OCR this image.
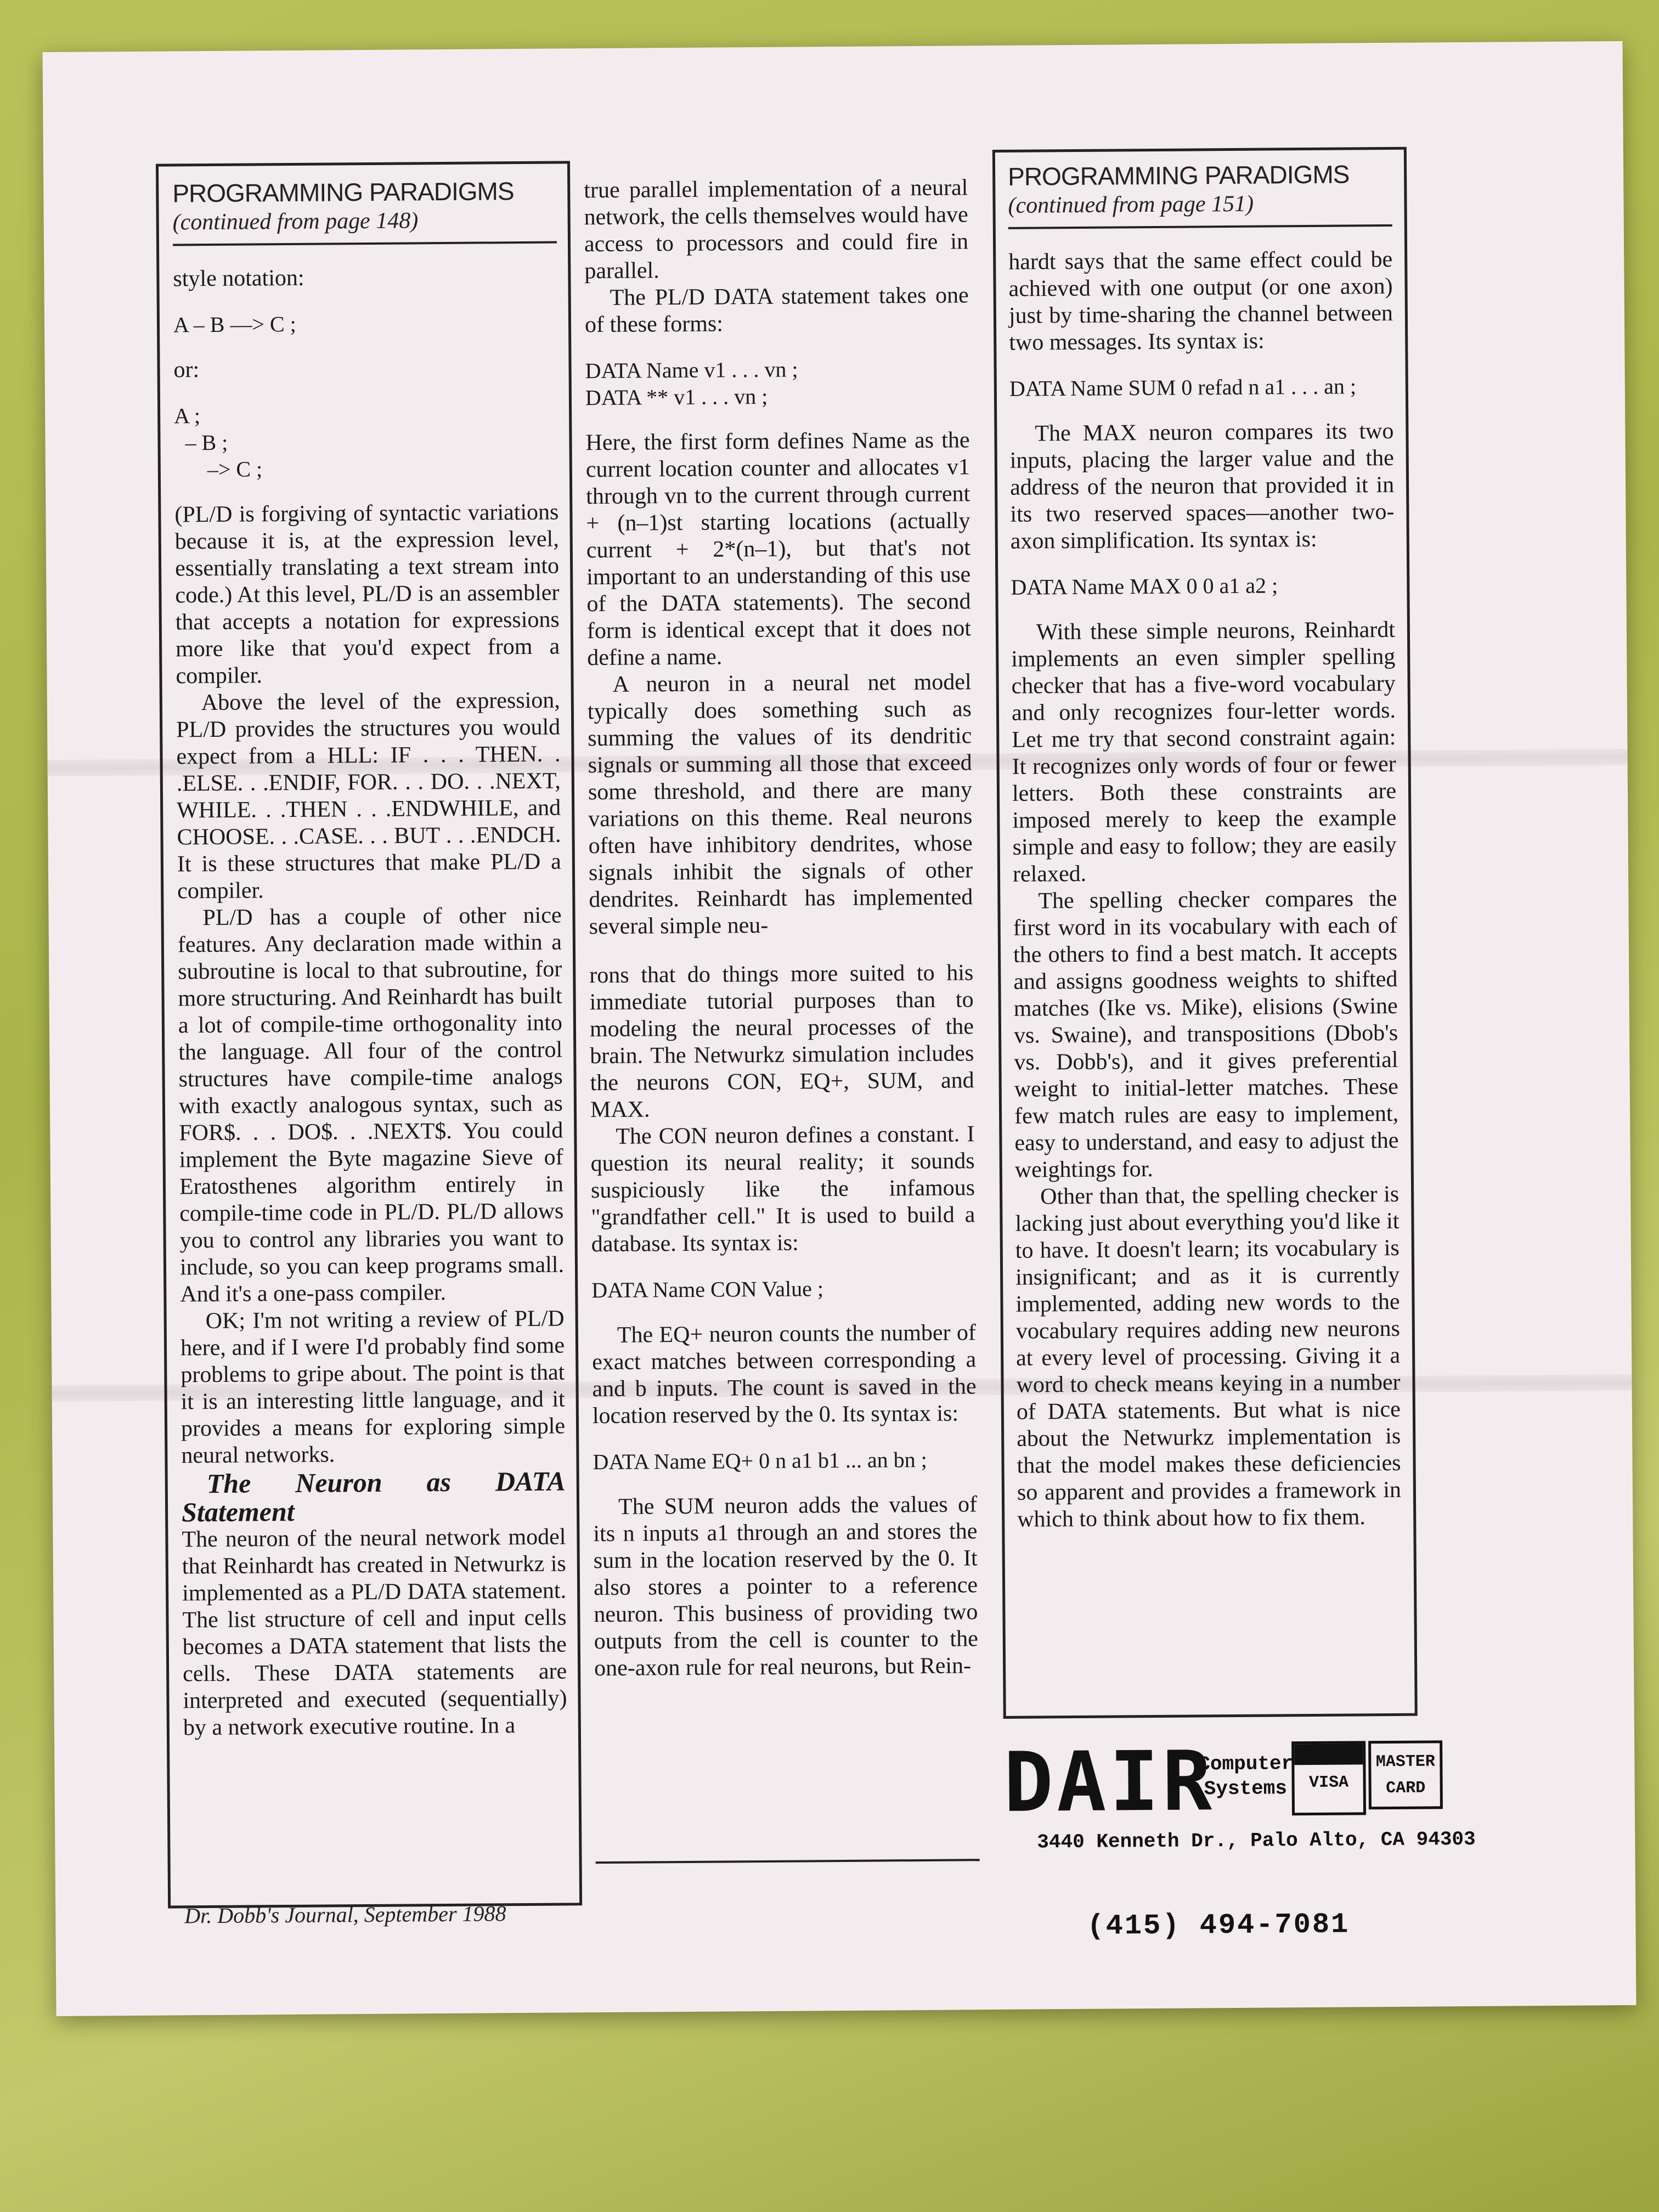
PROGRAMMING PARADIGMS
(continued from page 148)

style notation:

A – B —> C ;

or:

A ;
– B ;
–> C ;

(PL/D is forgiving of syntactic variations because it is, at the expression level, essentially translating a text stream into code.) At this level, PL/D is an assembler that accepts a notation for expressions more like that you'd expect from a compiler.

Above the level of the expression, PL/D provides the structures you would expect from a HLL: IF . . . THEN. . .ELSE. . .ENDIF, FOR. . . DO. . .NEXT, WHILE. . .THEN . . .ENDWHILE, and CHOOSE. . .CASE. . . BUT . . .ENDCH. It is these structures that make PL/D a compiler.

PL/D has a couple of other nice features. Any declaration made within a subroutine is local to that subroutine, for more structuring. And Reinhardt has built a lot of compile-time orthogonality into the language. All four of the control structures have compile-time analogs with exactly analogous syntax, such as FOR$. . . DO$. . .NEXT$. You could implement the Byte magazine Sieve of Eratosthenes algorithm entirely in compile-time code in PL/D. PL/D allows you to control any libraries you want to include, so you can keep programs small. And it's a one-pass compiler.

OK; I'm not writing a review of PL/D here, and if I were I'd probably find some problems to gripe about. The point is that it is an interesting little language, and it provides a means for exploring simple neural networks.

The Neuron as DATA Statement

The neuron of the neural network model that Reinhardt has created in Netwurkz is implemented as a PL/D DATA statement. The list structure of cell and input cells becomes a DATA statement that lists the cells. These DATA statements are interpreted and executed (sequentially) by a network executive routine. In a

true parallel implementation of a neural network, the cells themselves would have access to processors and could fire in parallel.

The PL/D DATA statement takes one of these forms:

DATA Name v1 . . . vn ;
DATA ** v1 . . . vn ;

Here, the first form defines Name as the current location counter and allocates v1 through vn to the current through current + (n–1)st starting locations (actually current + 2*(n–1), but that's not important to an understanding of this use of the DATA statements). The second form is identical except that it does not define a name.

A neuron in a neural net model typically does something such as summing the values of its dendritic signals or summing all those that exceed some threshold, and there are many variations on this theme. Real neurons often have inhibitory dendrites, whose signals inhibit the signals of other dendrites. Reinhardt has implemented several simple neu-

rons that do things more suited to his immediate tutorial purposes than to modeling the neural processes of the brain. The Netwurkz simulation includes the neurons CON, EQ+, SUM, and MAX.

The CON neuron defines a constant. I question its neural reality; it sounds suspiciously like the infamous "grandfather cell." It is used to build a database. Its syntax is:

DATA Name CON Value ;

The EQ+ neuron counts the number of exact matches between corresponding a and b inputs. The count is saved in the location reserved by the 0. Its syntax is:

DATA Name EQ+ 0 n a1 b1 ... an bn ;

The SUM neuron adds the values of its n inputs a1 through an and stores the sum in the location reserved by the 0. It also stores a pointer to a reference neuron. This business of providing two outputs from the cell is counter to the one-axon rule for real neurons, but Rein-

PROGRAMMING PARADIGMS
(continued from page 151)

hardt says that the same effect could be achieved with one output (or one axon) just by time-sharing the channel between two messages. Its syntax is:

DATA Name SUM 0 refad n a1 . . . an ;

The MAX neuron compares its two inputs, placing the larger value and the address of the neuron that provided it in its two reserved spaces—another two-axon simplification. Its syntax is:

DATA Name MAX 0 0 a1 a2 ;

With these simple neurons, Reinhardt implements an even simpler spelling checker that has a five-word vocabulary and only recognizes four-letter words. Let me try that second constraint again: It recognizes only words of four or fewer letters. Both these constraints are imposed merely to keep the example simple and easy to follow; they are easily relaxed.

The spelling checker compares the first word in its vocabulary with each of the others to find a best match. It accepts and assigns goodness weights to shifted matches (Ike vs. Mike), elisions (Swine vs. Swaine), and transpositions (Dbob's vs. Dobb's), and it gives preferential weight to initial-letter matches. These few match rules are easy to implement, easy to understand, and easy to adjust the weightings for.

Other than that, the spelling checker is lacking just about everything you'd like it to have. It doesn't learn; its vocabulary is insignificant; and as it is currently implemented, adding new words to the vocabulary requires adding new neurons at every level of processing. Giving it a word to check means keying in a number of DATA statements. But what is nice about the Netwurkz implementation is that the model makes these deficiencies so apparent and provides a framework in which to think about how to fix them.

Dr. Dobb's Journal, September 1988
DAIR
Computer
Systems	VISA
MASTER
CARD
3440 Kenneth Dr., Palo Alto, CA 94303
(415) 494-7081
